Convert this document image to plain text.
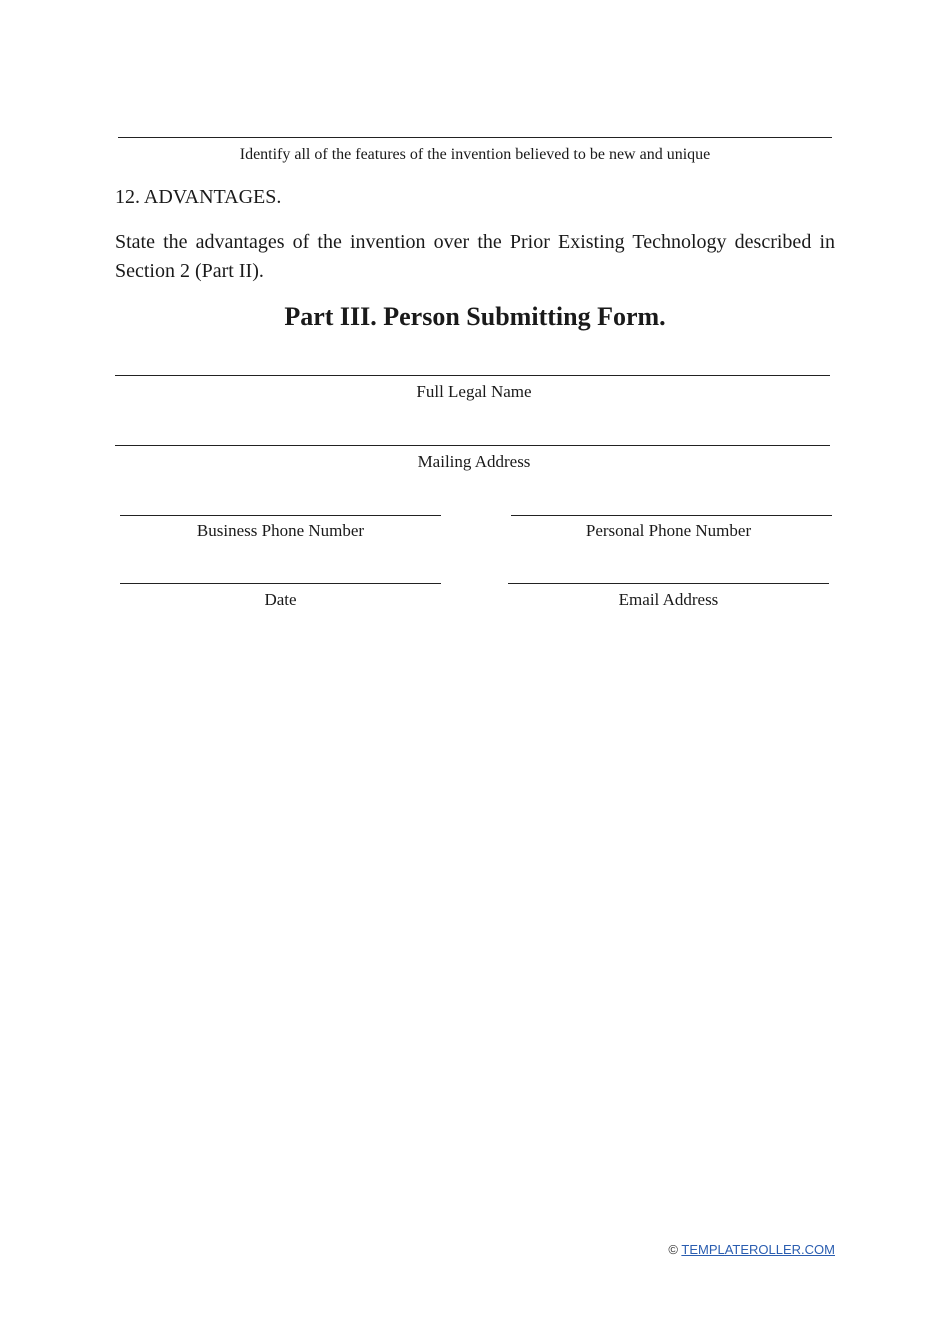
Identify all of the features of the invention believed to be new and unique
12. ADVANTAGES.
State the advantages of the invention over the Prior Existing Technology described in Section 2 (Part II).
Part III. Person Submitting Form.
Full Legal Name
Mailing Address
Business Phone Number	Personal Phone Number
Date	Email Address
© TEMPLATEROLLER.COM
